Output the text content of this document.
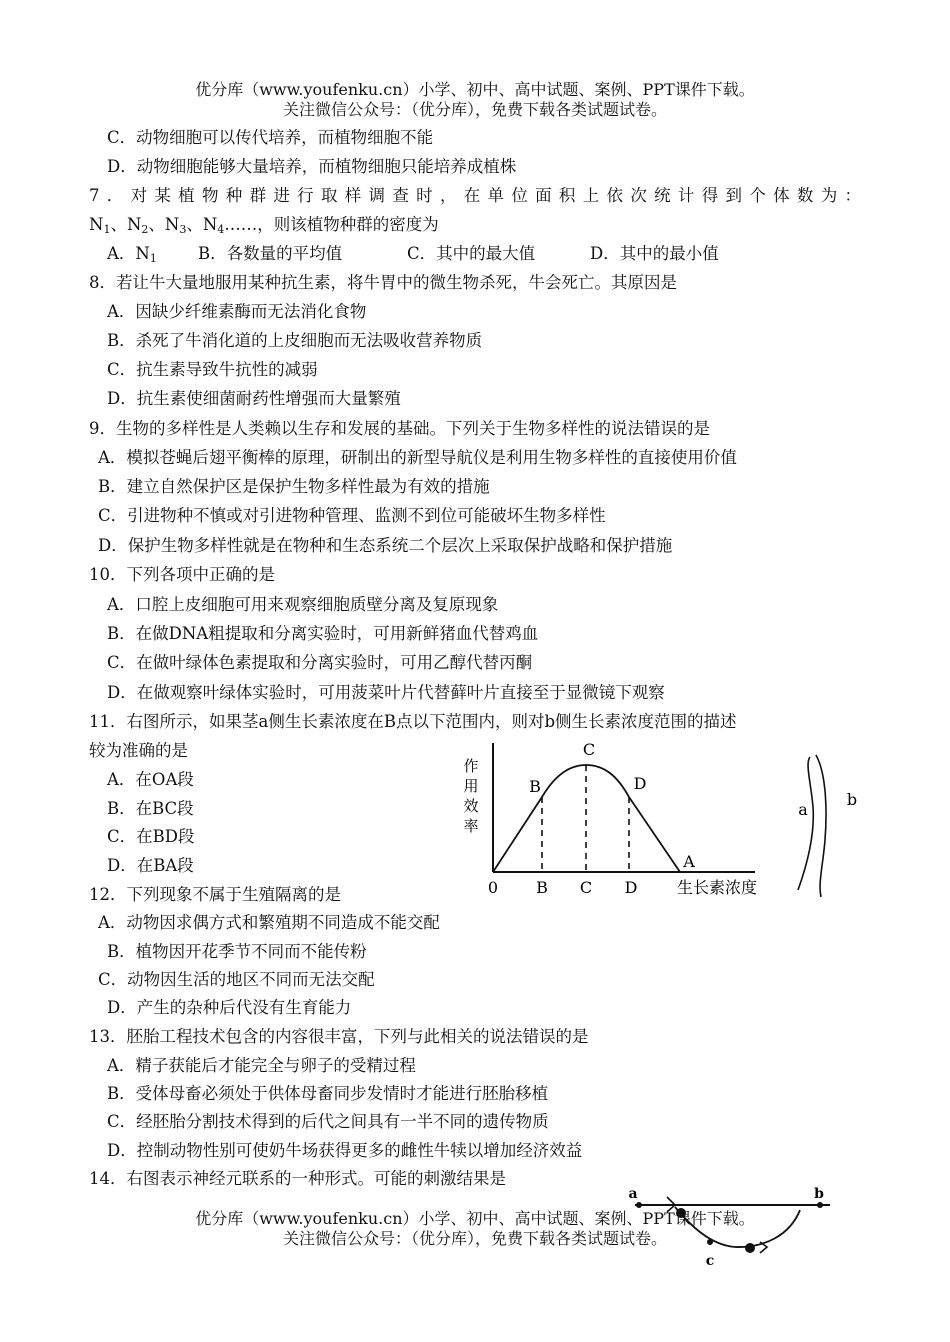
优分库（www.youfenku.cn）小学、初中、高中试题、案例、PPT课件下载。
关注微信公众号：（优分库），免费下载各类试题试卷。
C．动物细胞可以传代培养，而植物细胞不能
D．动物细胞能够大量培养，而植物细胞只能培养成植株
7．对某植物种群进行取样调查时，在单位面积上依次统计得到个体数为：
$N_1$、$N_2$、$N_3$、$N_4\dots\dots$，则该植物种群的密度为
A．$N_1$ B．各数量的平均值	C．其中的最大值	D．其中的最小值
8．若让牛大量地服用某种抗生素，将牛胃中的微生物杀死，牛会死亡。其原因是
A．因缺少纤维素酶而无法消化食物
B．杀死了牛消化道的上皮细胞而无法吸收营养物质
C．抗生素导致牛抗性的减弱
D．抗生素使细菌耐药性增强而大量繁殖
9．生物的多样性是人类赖以生存和发展的基础。下列关于生物多样性的说法错误的是
A．模拟苍蝇后翅平衡棒的原理，研制出的新型导航仪是利用生物多样性的直接使用价值
B．建立自然保护区是保护生物多样性最为有效的措施
C．引进物种不慎或对引进物种管理、监测不到位可能破坏生物多样性
D．保护生物多样性就是在物种和生态系统二个层次上采取保护战略和保护措施
10．下列各项中正确的是
A．口腔上皮细胞可用来观察细胞质壁分离及复原现象
B．在做DNA粗提取和分离实验时，可用新鲜猪血代替鸡血
C．在做叶绿体色素提取和分离实验时，可用乙醇代替丙酮
D．在做观察叶绿体实验时，可用菠菜叶片代替藓叶片直接至于显微镜下观察
11．右图所示，如果茎a侧生长素浓度在B点以下范围内，则对b侧生长素浓度范围的描述
较为准确的是
A．在OA段
B．在BC段
C．在BD段
D．在BA段
作
用
效
率
B
C
D
A
0 B C D 生长素浓度
a
b
12．下列现象不属于生殖隔离的是
A．动物因求偶方式和繁殖期不同造成不能交配
B．植物因开花季节不同而不能传粉
C．动物因生活的地区不同而无法交配
D．产生的杂种后代没有生育能力
13．胚胎工程技术包含的内容很丰富，下列与此相关的说法错误的是
A．精子获能后才能完全与卵子的受精过程
B．受体母畜必须处于供体母畜同步发情时才能进行胚胎移植
C．经胚胎分割技术得到的后代之间具有一半不同的遗传物质
D．控制动物性别可使奶牛场获得更多的雌性牛犊以增加经济效益
14．右图表示神经元联系的一种形式。可能的刺激结果是
a	b
c
优分库（www.youfenku.cn）小学、初中、高中试题、案例、PPT课件下载。
关注微信公众号：（优分库），免费下载各类试题试卷。
